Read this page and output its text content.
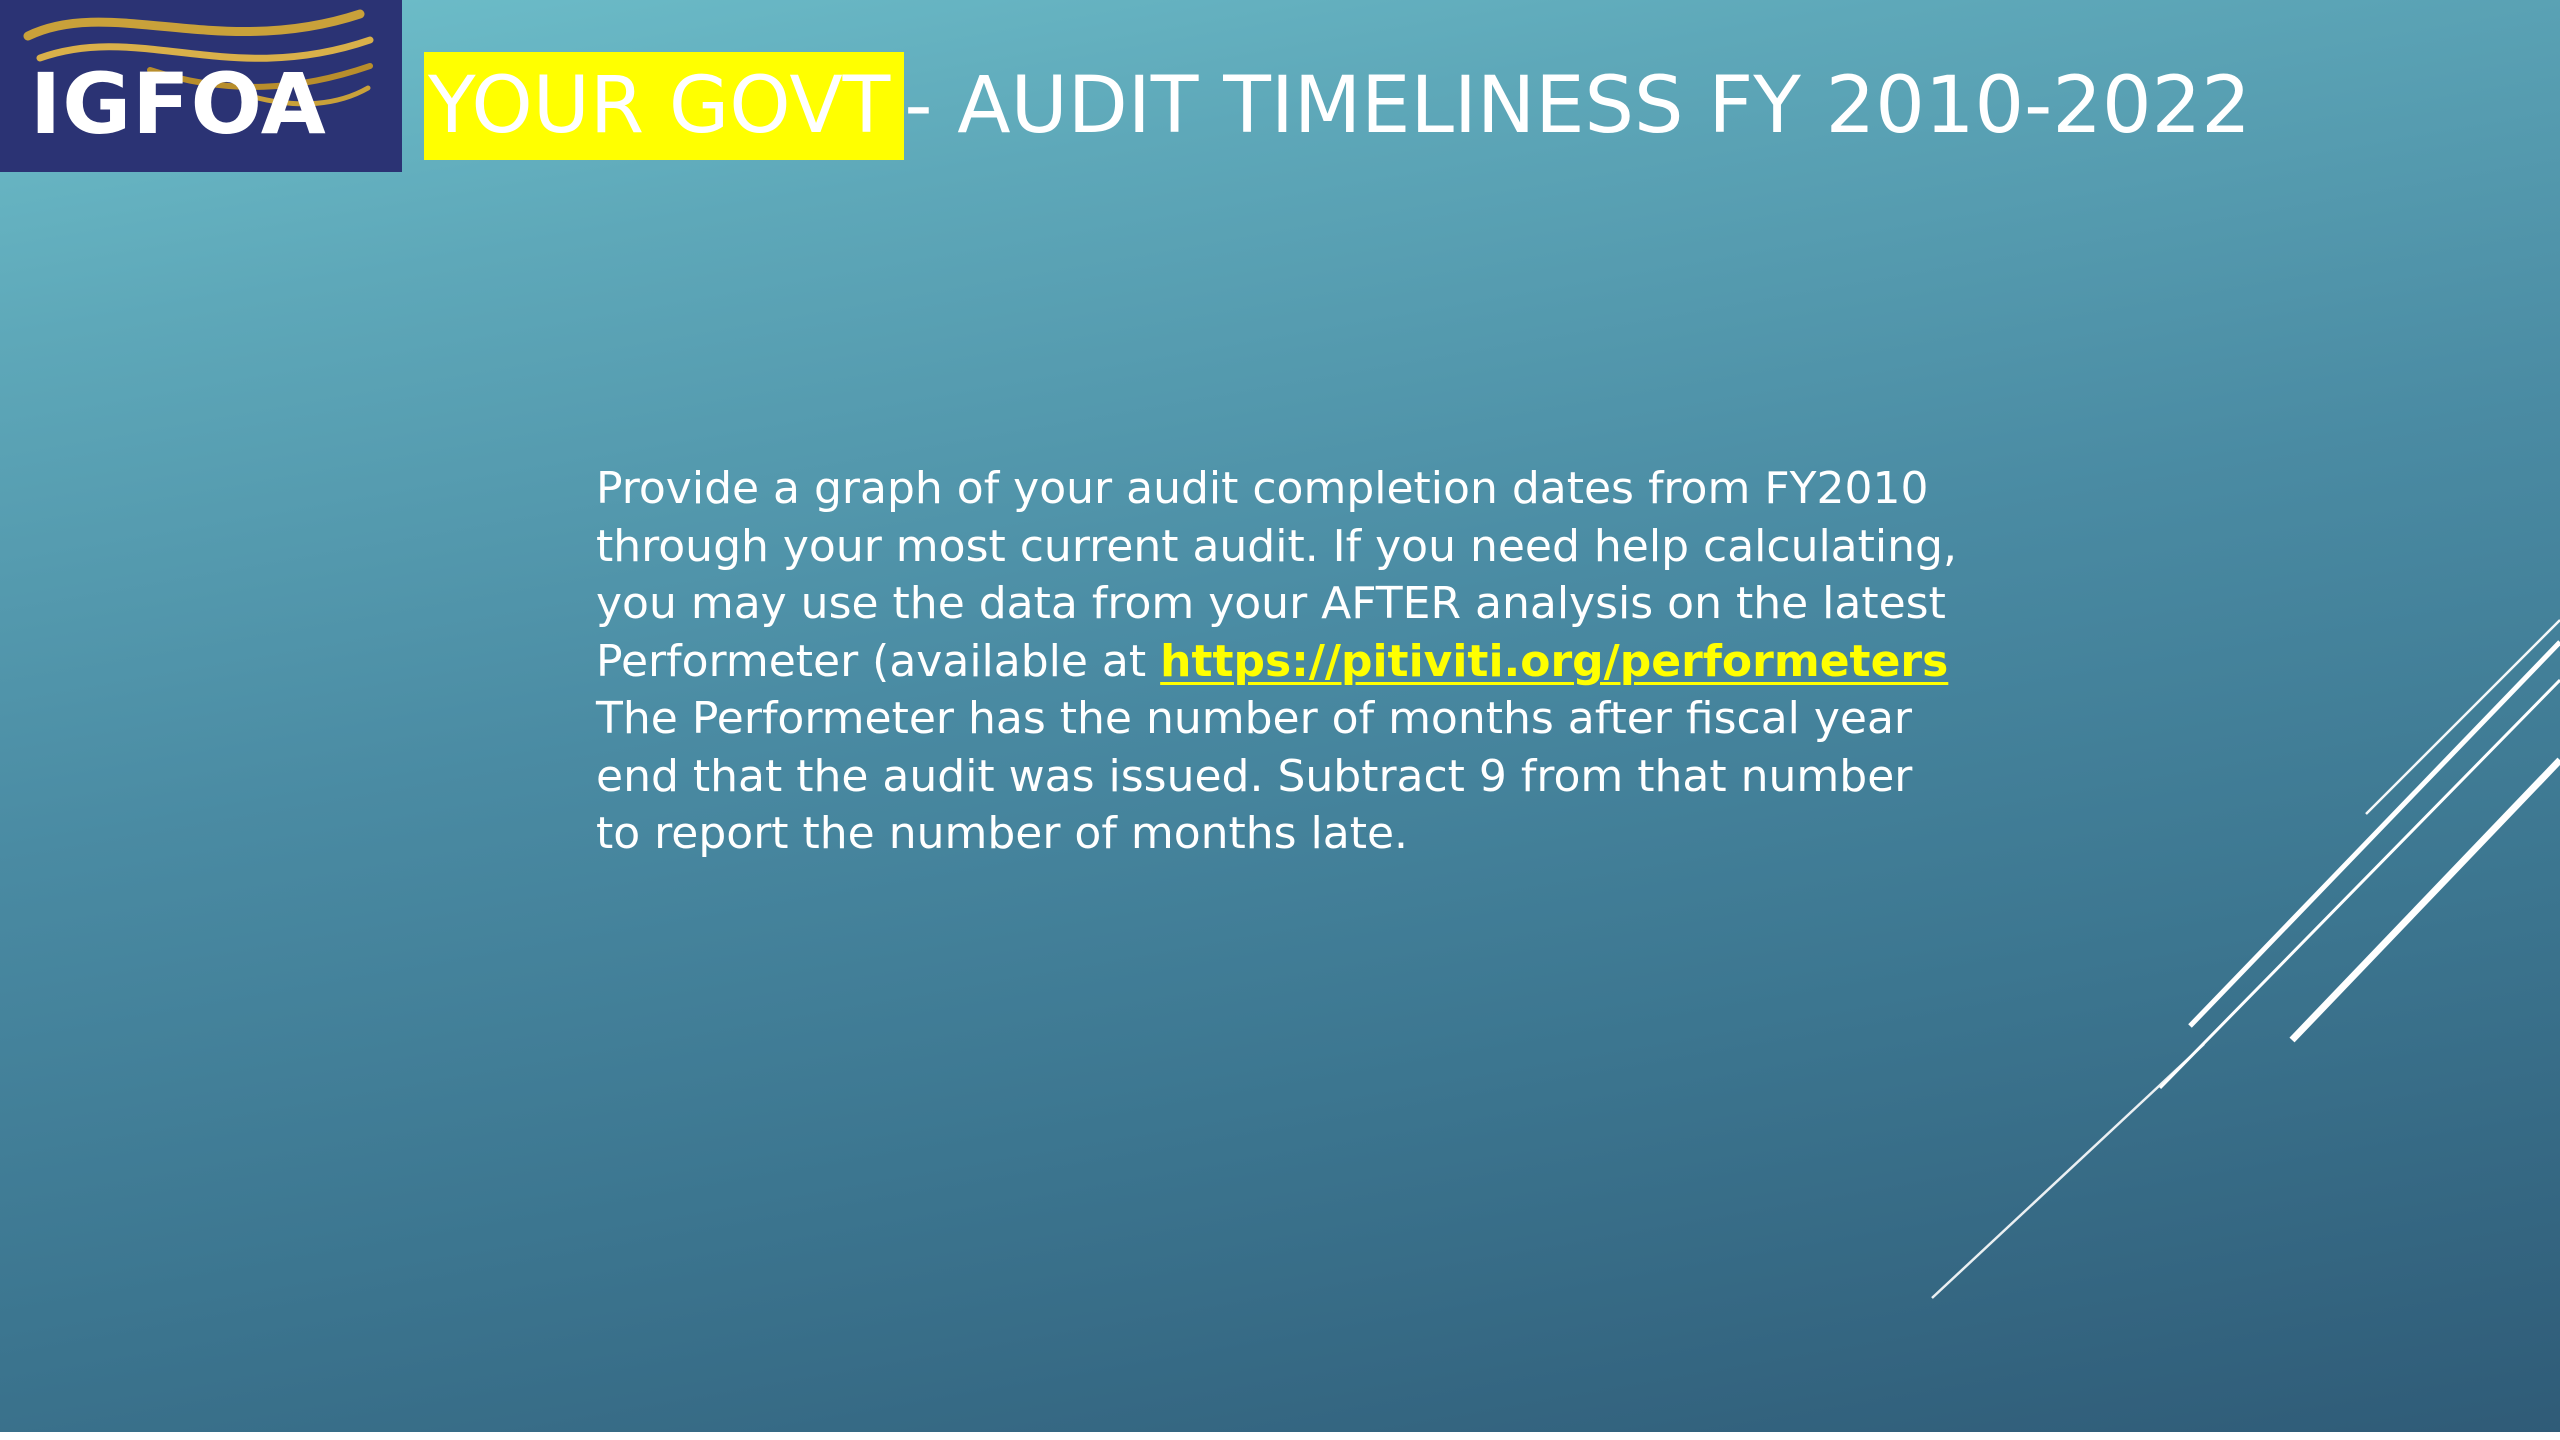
IGFOA YOUR GOVT - AUDIT TIMELINESS FY 2010-2022

Provide a graph of your audit completion dates from FY2010 through your most current audit. If you need help calculating, you may use the data from your AFTER analysis on the latest Performeter (available at https://pitiviti.org/performeters The Performeter has the number of months after fiscal year end that the audit was issued. Subtract 9 from that number to report the number of months late.
